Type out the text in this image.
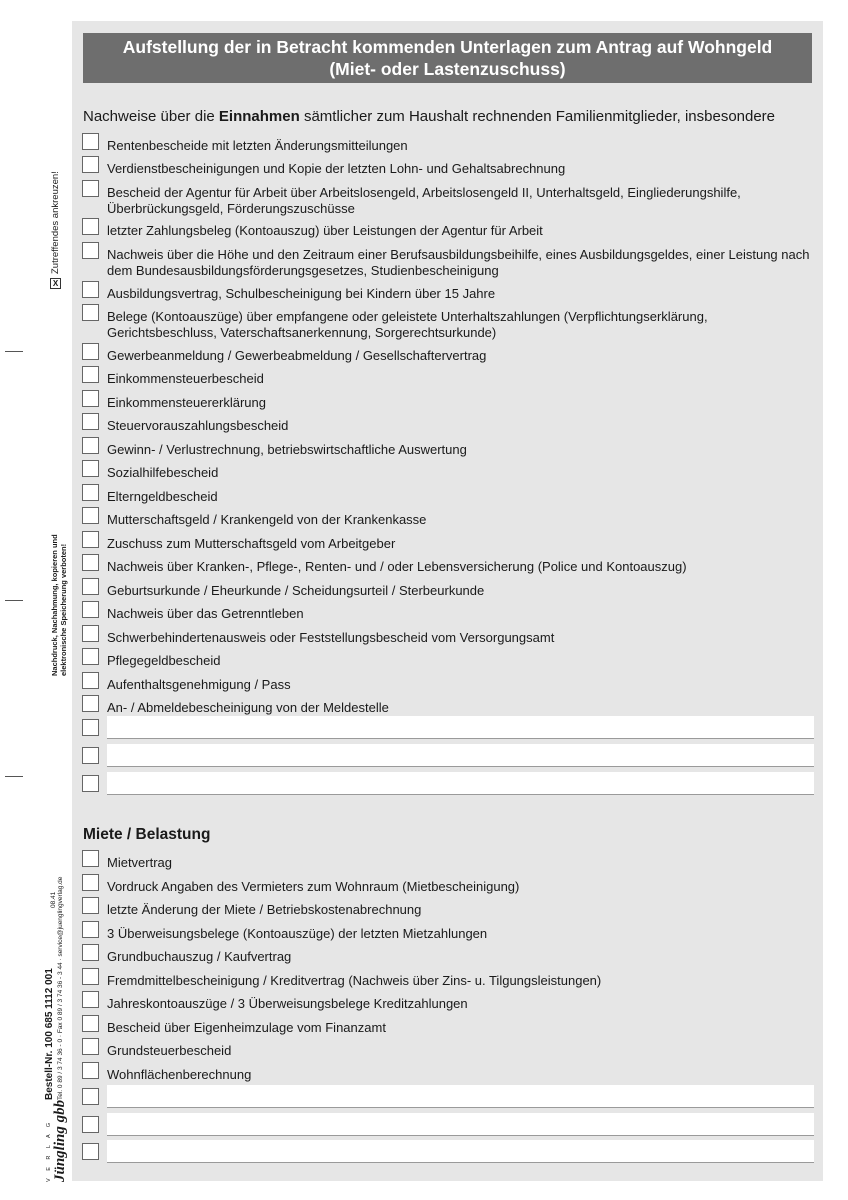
Aufstellung der in Betracht kommenden Unterlagen zum Antrag auf Wohngeld
(Miet- oder Lastenzuschuss)
Nachweise über die Einnahmen sämtlicher zum Haushalt rechnenden Familienmitglieder, insbesondere
Rentenbescheide mit letzten Änderungsmitteilungen
Verdienstbescheinigungen und Kopie der letzten Lohn- und Gehaltsabrechnung
Bescheid der Agentur für Arbeit über Arbeitslosengeld, Arbeitslosengeld II, Unterhaltsgeld, Eingliederungshilfe, Überbrückungsgeld, Förderungszuschüsse
letzter Zahlungsbeleg (Kontoauszug) über Leistungen der Agentur für Arbeit
Nachweis über die Höhe und den Zeitraum einer Berufsausbildungsbeihilfe, eines Ausbildungsgeldes, einer Leistung nach dem Bundesausbildungsförderungsgesetzes, Studienbescheinigung
Ausbildungsvertrag, Schulbescheinigung bei Kindern über 15 Jahre
Belege (Kontoauszüge) über empfangene oder geleistete Unterhaltszahlungen (Verpflichtungserklärung, Gerichtsbeschluss, Vaterschaftsanerkennung, Sorgerechtsurkunde)
Gewerbeanmeldung / Gewerbeabmeldung / Gesellschaftervertrag
Einkommensteuerbescheid
Einkommensteuererklärung
Steuervorauszahlungsbescheid
Gewinn- / Verlustrechnung, betriebswirtschaftliche Auswertung
Sozialhilfebescheid
Elterngeldbescheid
Mutterschaftsgeld / Krankengeld von der Krankenkasse
Zuschuss zum Mutterschaftsgeld vom Arbeitgeber
Nachweis über Kranken-, Pflege-, Renten- und / oder Lebensversicherung (Police und Kontoauszug)
Geburtsurkunde / Eheurkunde / Scheidungsurteil / Sterbeurkunde
Nachweis über das Getrenntleben
Schwerbehindertenausweis oder Feststellungsbescheid vom Versorgungsamt
Pflegegeldbescheid
Aufenthaltsgenehmigung / Pass
An- / Abmeldebescheinigung von der Meldestelle
Miete / Belastung
Mietvertrag
Vordruck Angaben des Vermieters zum Wohnraum (Mietbescheinigung)
letzte Änderung der Miete / Betriebskostenabrechnung
3 Überweisungsbelege (Kontoauszüge) der letzten Mietzahlungen
Grundbuchauszug / Kaufvertrag
Fremdmittelbescheinigung / Kreditvertrag (Nachweis über Zins- u. Tilgungsleistungen)
Jahreskontoauszüge / 3 Überweisungsbelege Kreditzahlungen
Bescheid über Eigenheimzulage vom Finanzamt
Grundsteuerbescheid
Wohnflächenberechnung
XZutreffendes ankreuzen!
Nachdruck, Nachahmung, kopieren und elektronische Speicherung verboten!
V E R L A G Jüngling gbb
Bestell-Nr. 100 685 1112 001 Tel. 0 89 / 3 74 36 - 0 · Fax 0 89 / 3 74 36 - 3 44 · service@juenglingverlag.de
08.41
